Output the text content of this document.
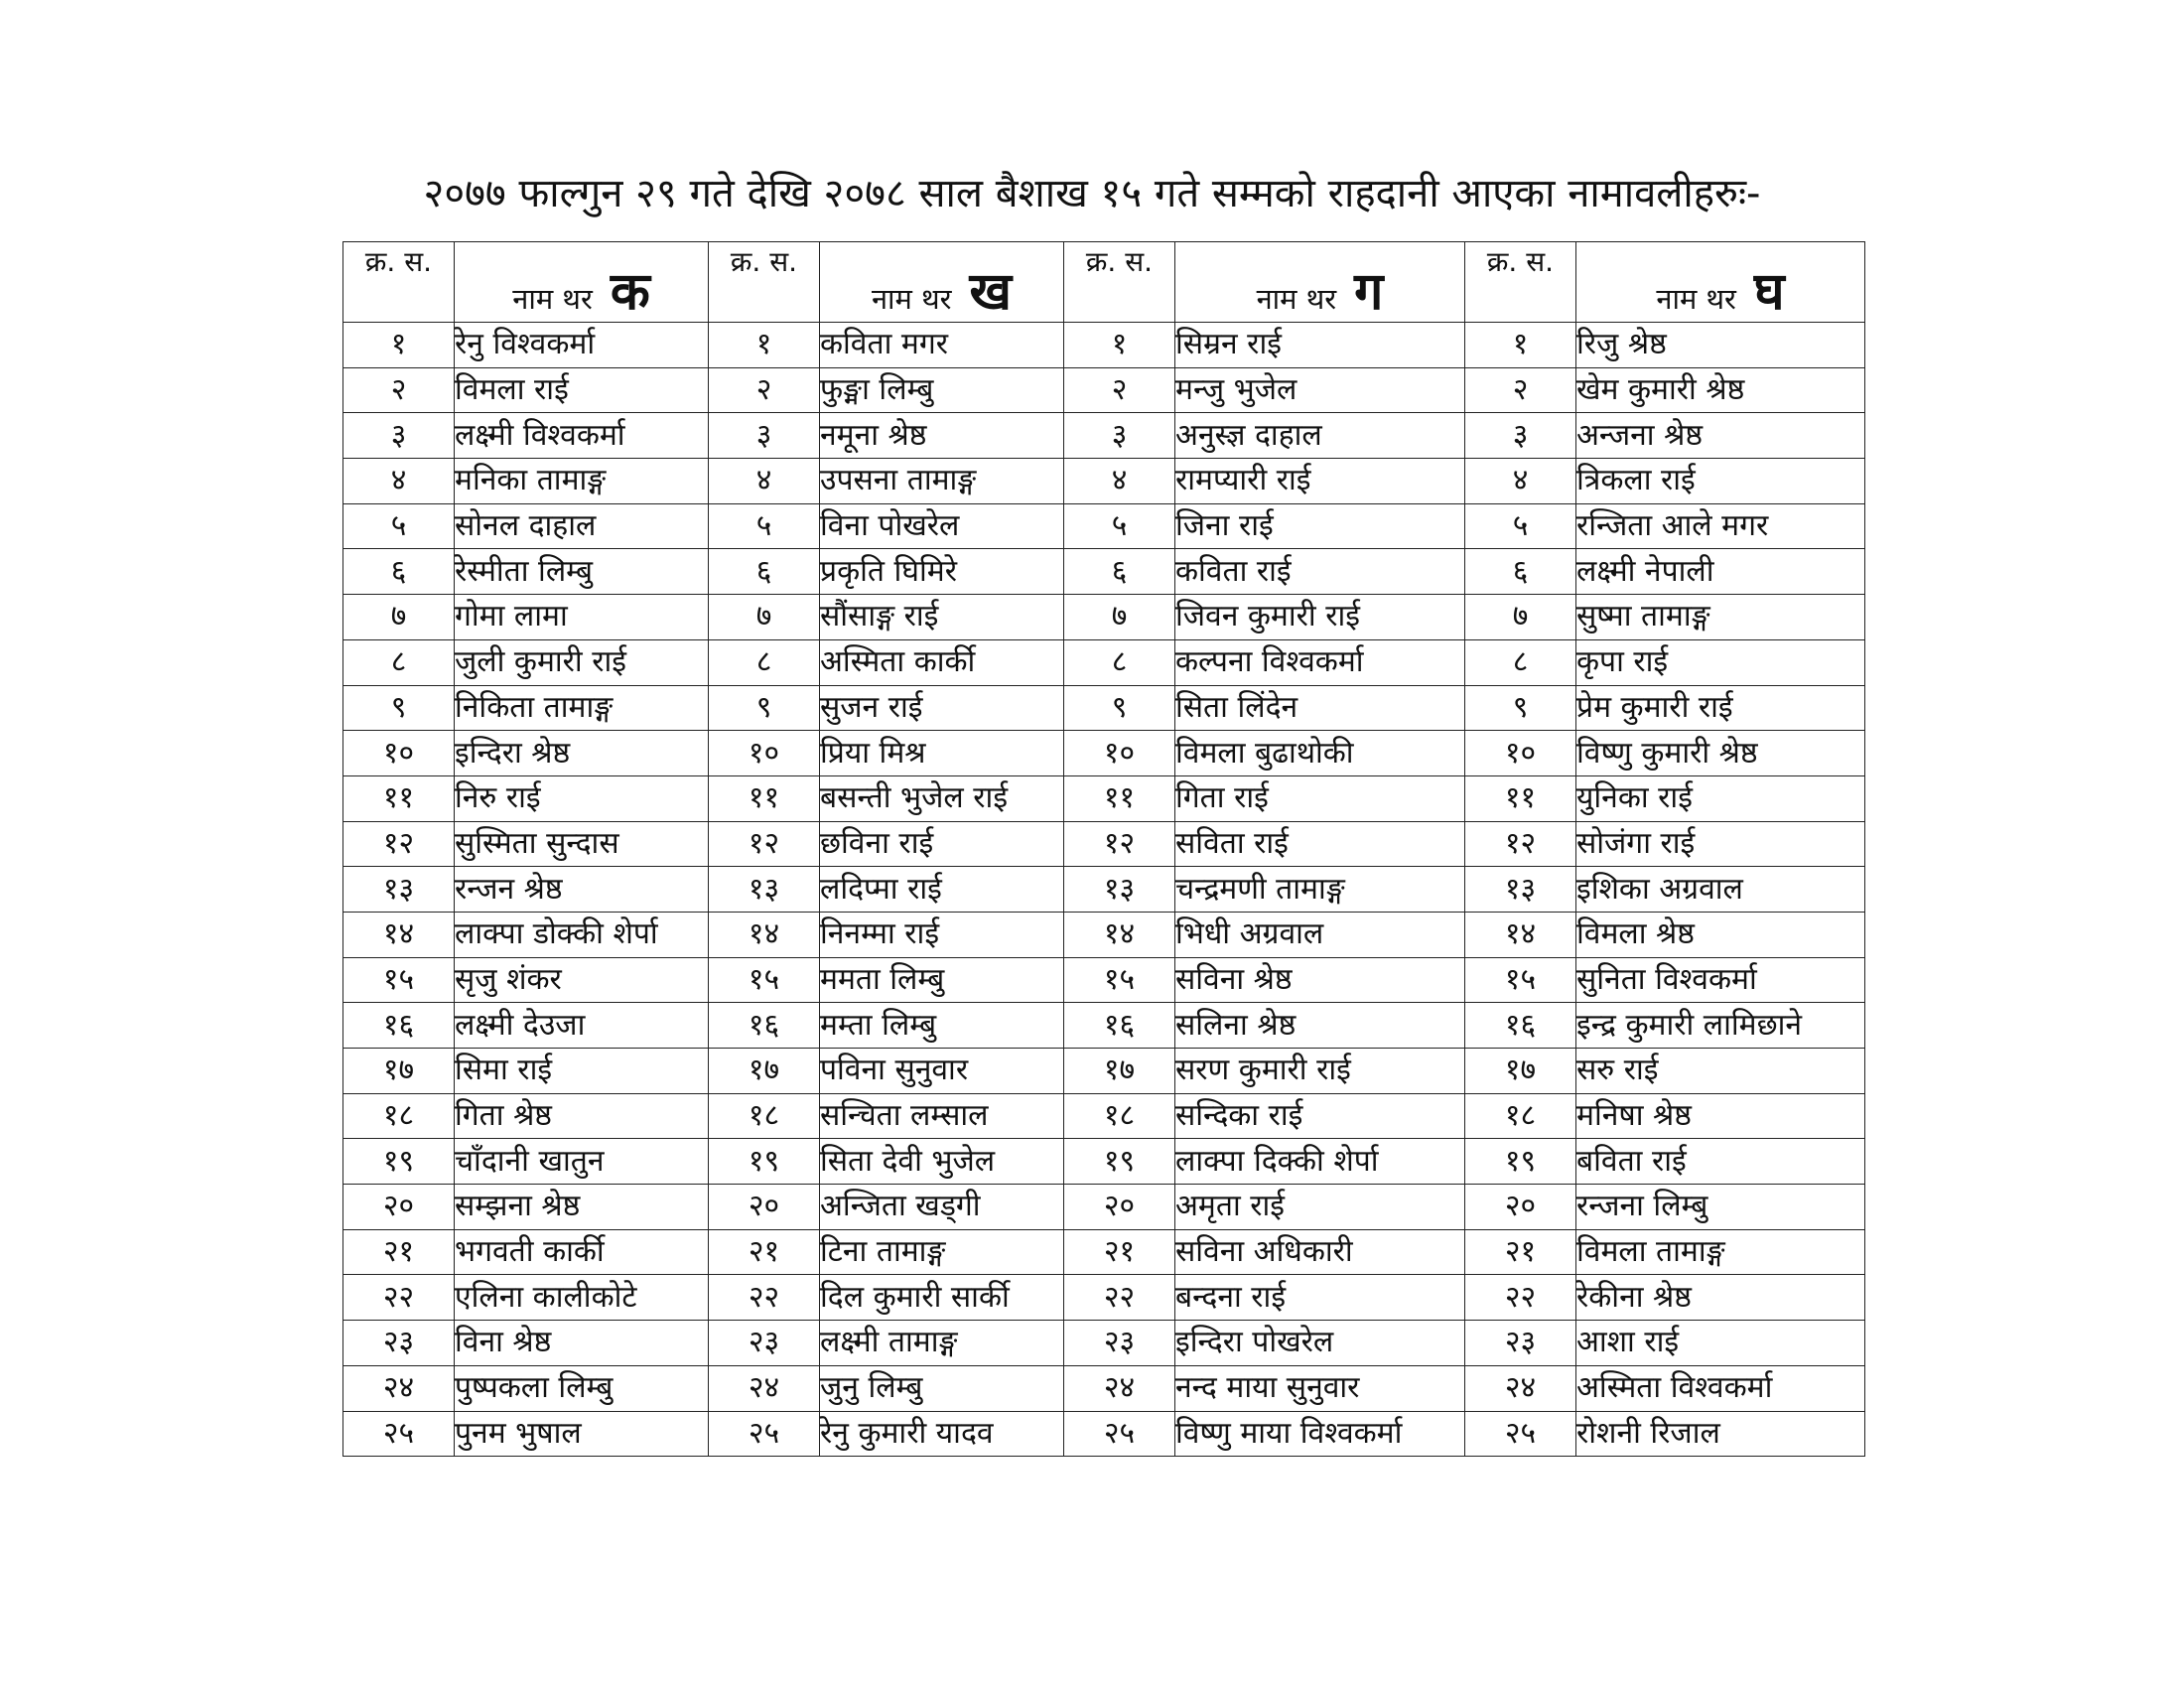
२०७७ फाल्गुन २९ गते देखि २०७८ साल बैशाख १५ गते सम्मको राहदानी आएका नामावलीहरुः-
क्र. स.	नाम थर क	क्र. स.	नाम थर ख	क्र. स.	नाम थर ग	क्र. स.	नाम थर घ
१	रेनु विश्वकर्मा	१	कविता मगर	१	सिम्रन राई	१	रिजु श्रेष्ठ
२	विमला राई	२	फुङ्मा लिम्बु	२	मन्जु भुजेल	२	खेम कुमारी श्रेष्ठ
३	लक्ष्मी विश्वकर्मा	३	नमूना श्रेष्ठ	३	अनुस्ज्ञ दाहाल	३	अन्जना श्रेष्ठ
४	मनिका तामाङ्ग	४	उपसना तामाङ्ग	४	रामप्यारी राई	४	त्रिकला राई
५	सोनल दाहाल	५	विना पोखरेल	५	जिना राई	५	रन्जिता आले मगर
६	रेस्मीता लिम्बु	६	प्रकृति घिमिरे	६	कविता राई	६	लक्ष्मी नेपाली
७	गोमा लामा	७	सौंसाङ्ग राई	७	जिवन कुमारी राई	७	सुष्मा तामाङ्ग
८	जुली कुमारी राई	८	अस्मिता कार्की	८	कल्पना विश्वकर्मा	८	कृपा राई
९	निकिता तामाङ्ग	९	सुजन राई	९	सिता लिंदेन	९	प्रेम कुमारी राई
१०	इन्दिरा श्रेष्ठ	१०	प्रिया मिश्र	१०	विमला बुढाथोकी	१०	विष्णु कुमारी श्रेष्ठ
११	निरु राई	११	बसन्ती भुजेल राई	११	गिता राई	११	युनिका राई
१२	सुस्मिता सुन्दास	१२	छविना राई	१२	सविता राई	१२	सोजंगा राई
१३	रन्जन श्रेष्ठ	१३	लदिप्मा राई	१३	चन्द्रमणी तामाङ्ग	१३	इशिका अग्रवाल
१४	लाक्पा डोक्की शेर्पा	१४	निनम्मा राई	१४	भिधी अग्रवाल	१४	विमला श्रेष्ठ
१५	सृजु शंकर	१५	ममता लिम्बु	१५	सविना श्रेष्ठ	१५	सुनिता विश्वकर्मा
१६	लक्ष्मी देउजा	१६	मम्ता लिम्बु	१६	सलिना श्रेष्ठ	१६	इन्द्र कुमारी लामिछाने
१७	सिमा राई	१७	पविना सुनुवार	१७	सरण कुमारी राई	१७	सरु राई
१८	गिता श्रेष्ठ	१८	सन्चिता लम्साल	१८	सन्दिका राई	१८	मनिषा श्रेष्ठ
१९	चाँदानी खातुन	१९	सिता देवी भुजेल	१९	लाक्पा दिक्की शेर्पा	१९	बविता राई
२०	सम्झना श्रेष्ठ	२०	अन्जिता खड्गी	२०	अमृता राई	२०	रन्जना लिम्बु
२१	भगवती कार्की	२१	टिना तामाङ्ग	२१	सविना अधिकारी	२१	विमला तामाङ्ग
२२	एलिना कालीकोटे	२२	दिल कुमारी सार्की	२२	बन्दना राई	२२	रेकीना श्रेष्ठ
२३	विना श्रेष्ठ	२३	लक्ष्मी तामाङ्ग	२३	इन्दिरा पोखरेल	२३	आशा राई
२४	पुष्पकला लिम्बु	२४	जुनु लिम्बु	२४	नन्द माया सुनुवार	२४	अस्मिता विश्वकर्मा
२५	पुनम भुषाल	२५	रेनु कुमारी यादव	२५	विष्णु माया विश्वकर्मा	२५	रोशनी रिजाल
